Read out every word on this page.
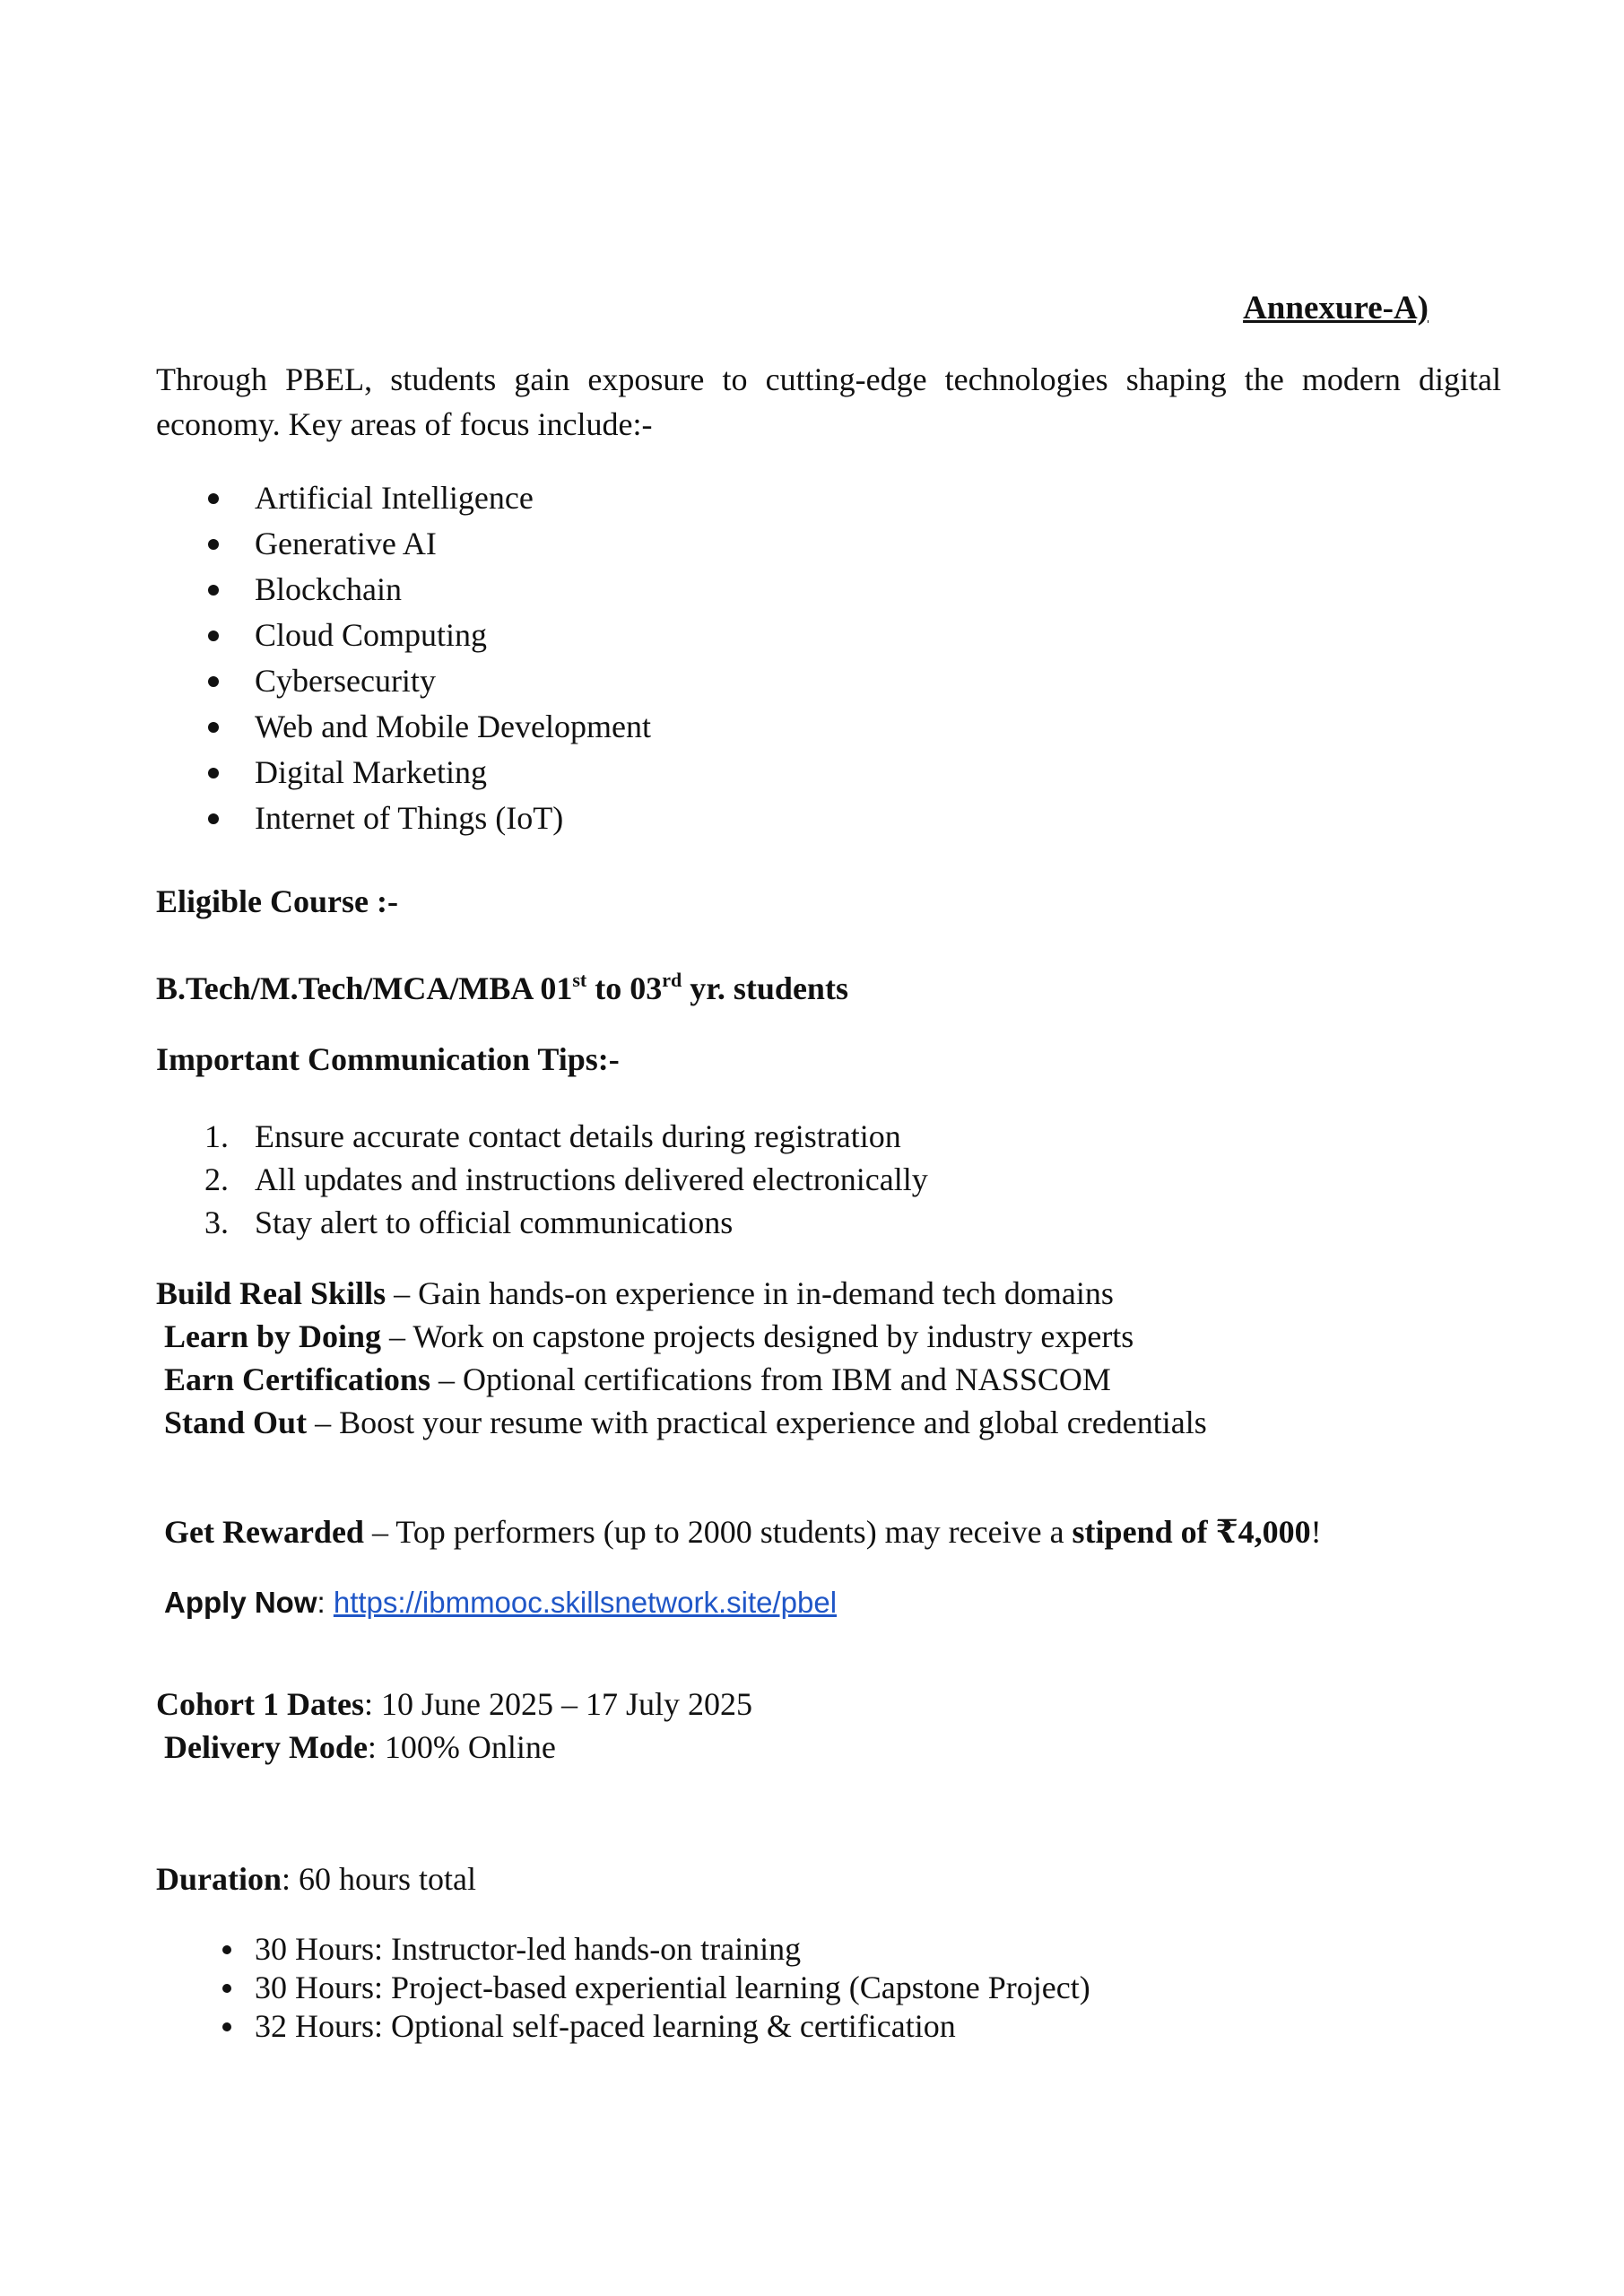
Annexure-A)
Through PBEL, students gain exposure to cutting-edge technologies shaping the modern digital economy. Key areas of focus include:-
Artificial Intelligence
Generative AI
Blockchain
Cloud Computing
Cybersecurity
Web and Mobile Development
Digital Marketing
Internet of Things (IoT)
Eligible Course :-
B.Tech/M.Tech/MCA/MBA 01st to 03rd yr. students
Important Communication Tips:-
1. Ensure accurate contact details during registration
2. All updates and instructions delivered electronically
3. Stay alert to official communications
Build Real Skills – Gain hands-on experience in in-demand tech domains
Learn by Doing – Work on capstone projects designed by industry experts
Earn Certifications – Optional certifications from IBM and NASSCOM
Stand Out – Boost your resume with practical experience and global credentials
Get Rewarded – Top performers (up to 2000 students) may receive a stipend of ₹4,000!
Apply Now: https://ibmmooc.skillsnetwork.site/pbel
Cohort 1 Dates: 10 June 2025 – 17 July 2025
Delivery Mode: 100% Online
Duration: 60 hours total
30 Hours: Instructor-led hands-on training
30 Hours: Project-based experiential learning (Capstone Project)
32 Hours: Optional self-paced learning & certification
